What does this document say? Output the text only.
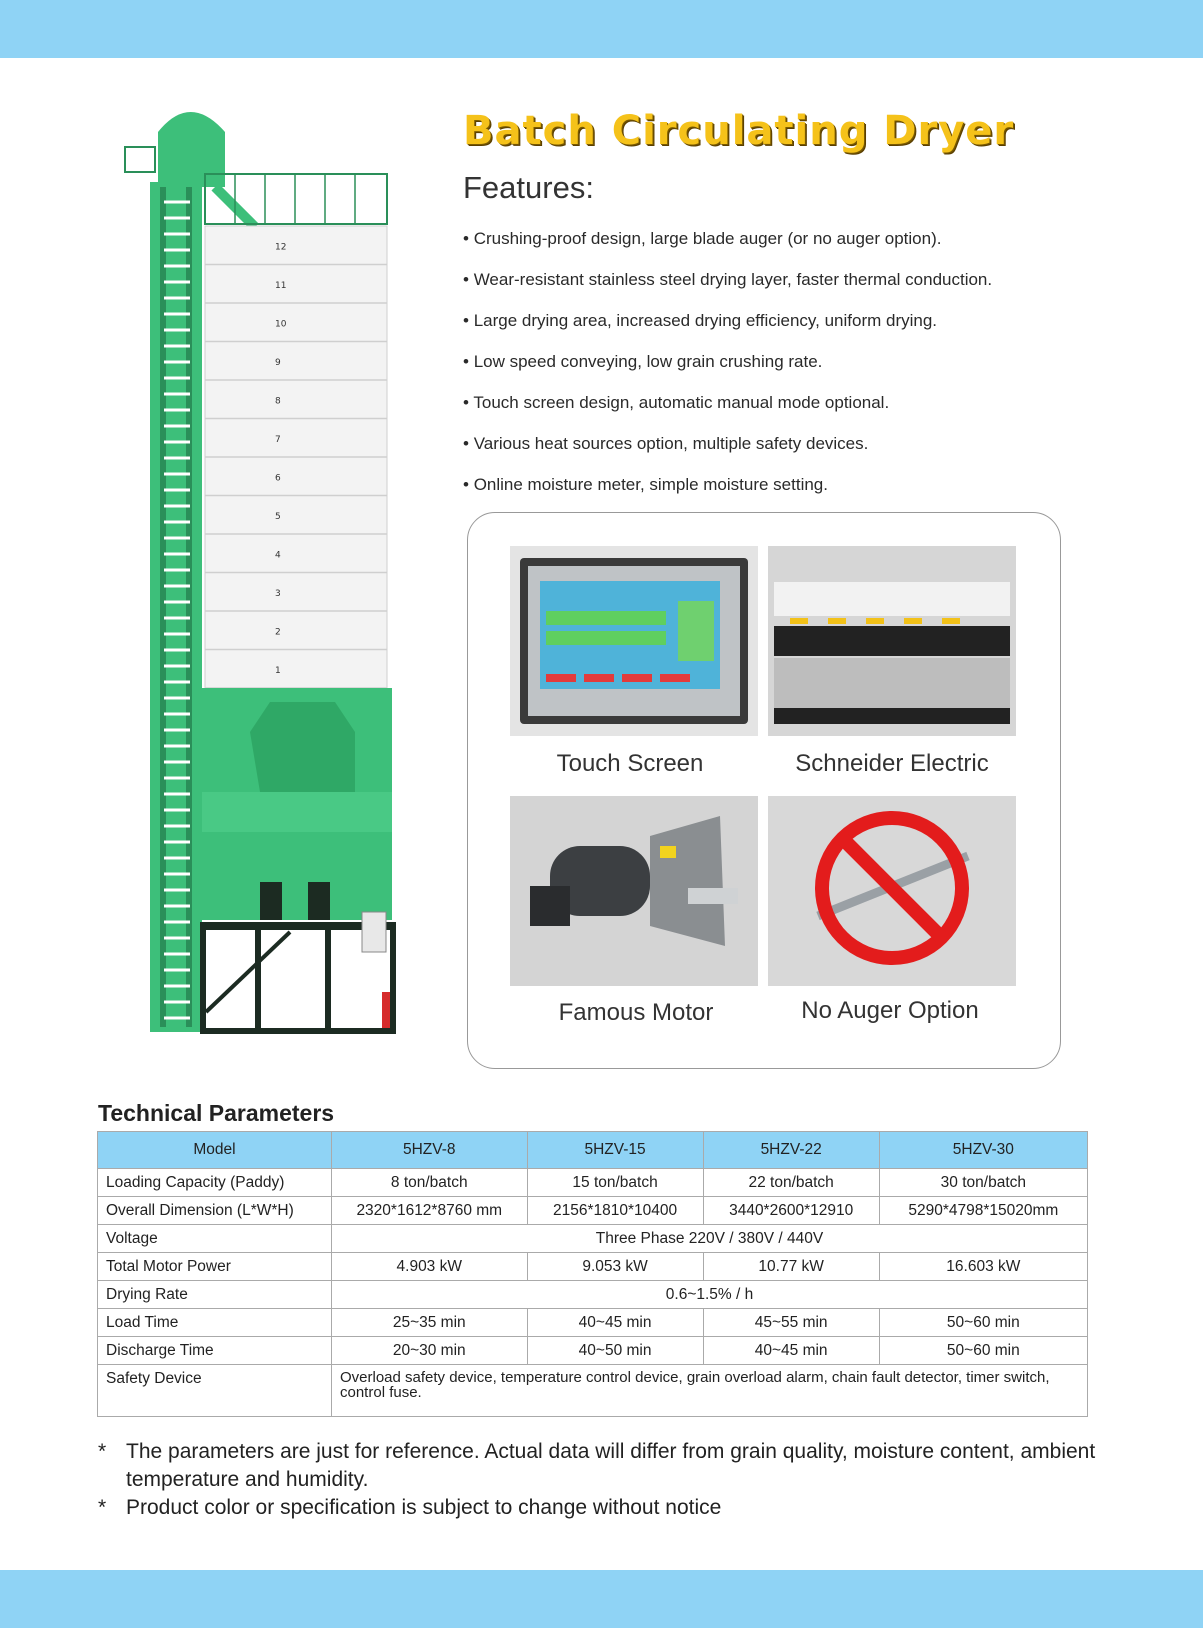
12
11
10
9
8
7
6
5
4
3
2
1
Batch Circulating Dryer
Features:
• Crushing-proof design, large blade auger (or no auger option).
• Wear-resistant stainless steel drying layer, faster thermal conduction.
• Large drying area, increased drying efficiency, uniform drying.
• Low speed conveying, low grain crushing rate.
• Touch screen design, automatic manual mode optional.
• Various heat sources option, multiple safety devices.
• Online moisture meter, simple moisture setting.
Touch Screen	Schneider Electric
Famous Motor	No Auger Option
Technical Parameters
Model	5HZV-8	5HZV-15	5HZV-22	5HZV-30
Loading Capacity (Paddy)	8 ton/batch	15 ton/batch	22 ton/batch	30 ton/batch
Overall Dimension (L*W*H)	2320*1612*8760 mm	2156*1810*10400	3440*2600*12910	5290*4798*15020mm
Voltage	Three Phase 220V / 380V / 440V			
Total Motor Power	4.903 kW	9.053 kW	10.77 kW	16.603 kW
Drying Rate	0.6~1.5% / h			
Load Time	25~35 min	40~45 min	45~55 min	50~60 min
Discharge Time	20~30 min	40~50 min	40~45 min	50~60 min
Safety Device	Overload safety device, temperature control device, grain overload alarm, chain fault detector, timer switch, control fuse.			
* The parameters are just for reference. Actual data will differ from grain quality, moisture content, ambient temperature and humidity.
* Product color or specification is subject to change without notice
